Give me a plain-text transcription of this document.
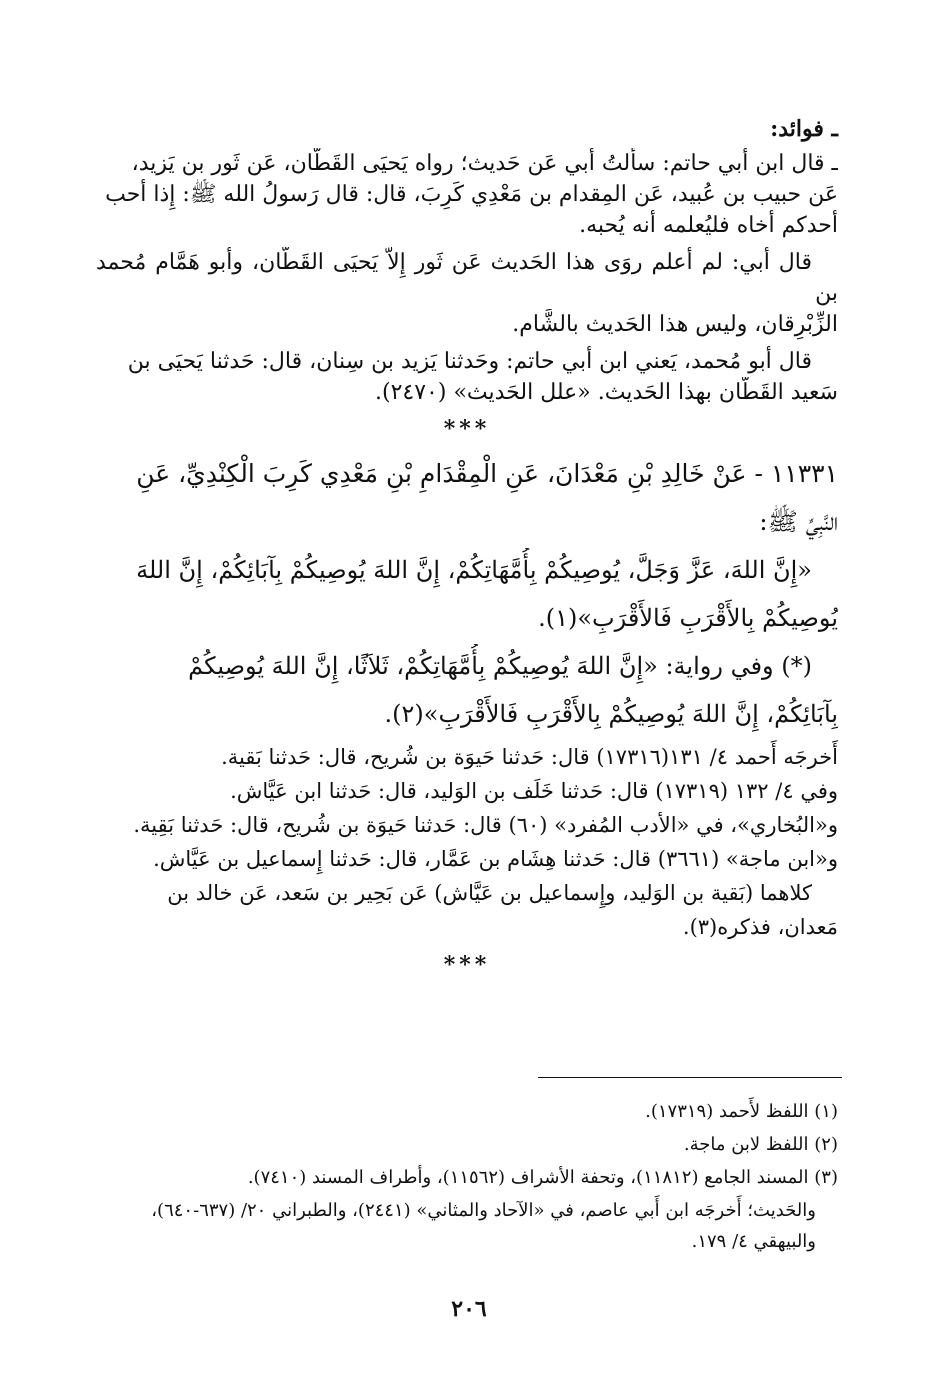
ـ فوائد:
ـ قال ابن أَبي حاتم: سأَلتُ أَبي عَن حَديث؛ رواه يَحيَى القَطَّان، عَن ثَور بن يَزيد،
عَن حبيب بن عُبيد، عَن المِقدام بن مَعْدِي كَرِبَ، قال: قال رَسولُ الله ﷺ: إِذا أَحب
أَحدكم أَخاه فليُعلمه أَنه يُحبه.
قال أَبي: لم أَعلم روَى هذا الحَديث عَن ثَور إِلاَّ يَحيَى القَطَّان، وأَبو هَمَّام مُحمد بن
الزِّبْرِقان، وليس هذا الحَديث بالشَّام.
قال أَبو مُحمد، يَعني ابن أَبي حاتم: وحَدثنا يَزيد بن سِنان، قال: حَدثنا يَحيَى بن
سَعيد القَطَّان بهذا الحَديث. «علل الحَديث» (٢٤٧٠).
***
١١٣٣١ - عَنْ خَالِدِ بْنِ مَعْدَانَ، عَنِ الْمِقْدَامِ بْنِ مَعْدِي كَرِبَ الْكِنْدِيِّ، عَنِ
النَّبِيِّ ﷺ:
«إِنَّ اللهَ، عَزَّ وَجَلَّ، يُوصِيكُمْ بِأُمَّهَاتِكُمْ، إِنَّ اللهَ يُوصِيكُمْ بِآبَائِكُمْ، إِنَّ اللهَ
يُوصِيكُمْ بِالأَقْرَبِ فَالأَقْرَبِ»(١).
(*) وفي رواية: «إِنَّ اللهَ يُوصِيكُمْ بِأُمَّهَاتِكُمْ، ثَلاَثًا، إِنَّ اللهَ يُوصِيكُمْ
بِآبَائِكُمْ، إِنَّ اللهَ يُوصِيكُمْ بِالأَقْرَبِ فَالأَقْرَبِ»(٢).
أَخرجَه أَحمد ٤/ ١٣١(١٧٣١٦) قال: حَدثنا حَيوَة بن شُريح، قال: حَدثنا بَقية.
وفي ٤/ ١٣٢ (١٧٣١٩) قال: حَدثنا خَلَف بن الوَليد، قال: حَدثنا ابن عَيَّاش.
و«البُخاري»، في «الأدب المُفرد» (٦٠) قال: حَدثنا حَيوَة بن شُريح، قال: حَدثنا بَقِية.
و«ابن ماجة» (٣٦٦١) قال: حَدثنا هِشَام بن عَمَّار، قال: حَدثنا إِسماعيل بن عَيَّاش.
كلاهما (بَقية بن الوَليد، وإِسماعيل بن عَيَّاش) عَن بَحِير بن سَعد، عَن خالد بن
مَعدان، فذكره(٣).
***
(١) اللفظ لأَحمد (١٧٣١٩).
(٢) اللفظ لابن ماجة.
(٣) المسند الجامع (١١٨١٢)، وتحفة الأشراف (١١٥٦٢)، وأطراف المسند (٧٤١٠).
والحَديث؛ أَخرجَه ابن أَبي عاصم، في «الآحاد والمثاني» (٢٤٤١)، والطبراني ٢٠/ (٦٣٧-٦٤٠)،
والبيهقي ٤/ ١٧٩.
٢٠٦
